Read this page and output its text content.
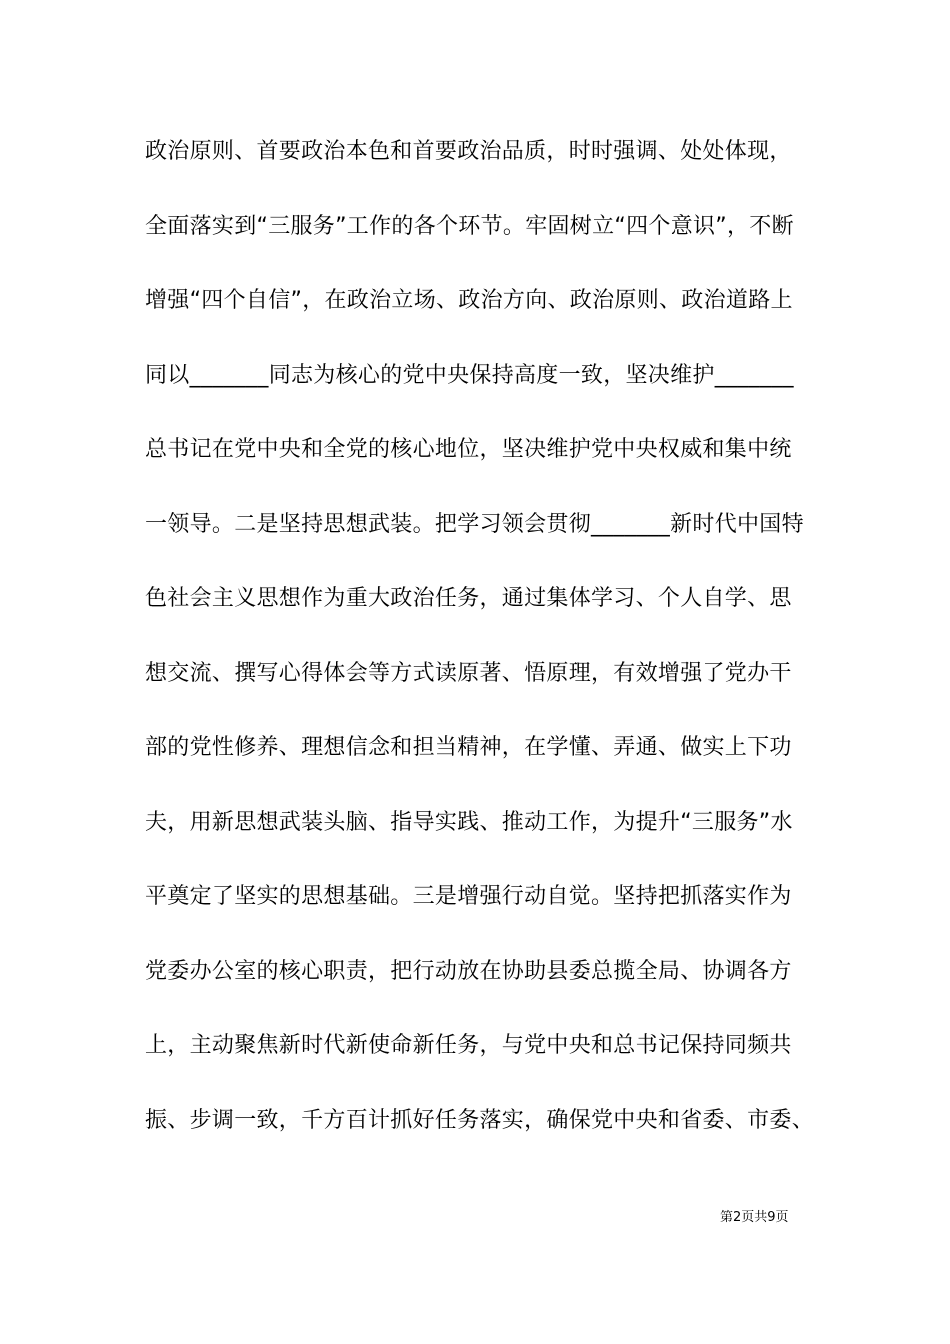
政治原则、首要政治本色和首要政治品质，时时强调、处处体现，
全面落实到“三服务”工作的各个环节。牢固树立“四个意识”，不断
增强“四个自信”，在政治立场、政治方向、政治原则、政治道路上
同以_______同志为核心的党中央保持高度一致，坚决维护_______
总书记在党中央和全党的核心地位，坚决维护党中央权威和集中统
一领导。二是坚持思想武装。把学习领会贯彻_______新时代中国特
色社会主义思想作为重大政治任务，通过集体学习、个人自学、思
想交流、撰写心得体会等方式读原著、悟原理，有效增强了党办干
部的党性修养、理想信念和担当精神，在学懂、弄通、做实上下功
夫，用新思想武装头脑、指导实践、推动工作，为提升“三服务”水
平奠定了坚实的思想基础。三是增强行动自觉。坚持把抓落实作为
党委办公室的核心职责，把行动放在协助县委总揽全局、协调各方
上，主动聚焦新时代新使命新任务，与党中央和总书记保持同频共
振、步调一致，千方百计抓好任务落实，确保党中央和省委、市委、
第2页共9页
